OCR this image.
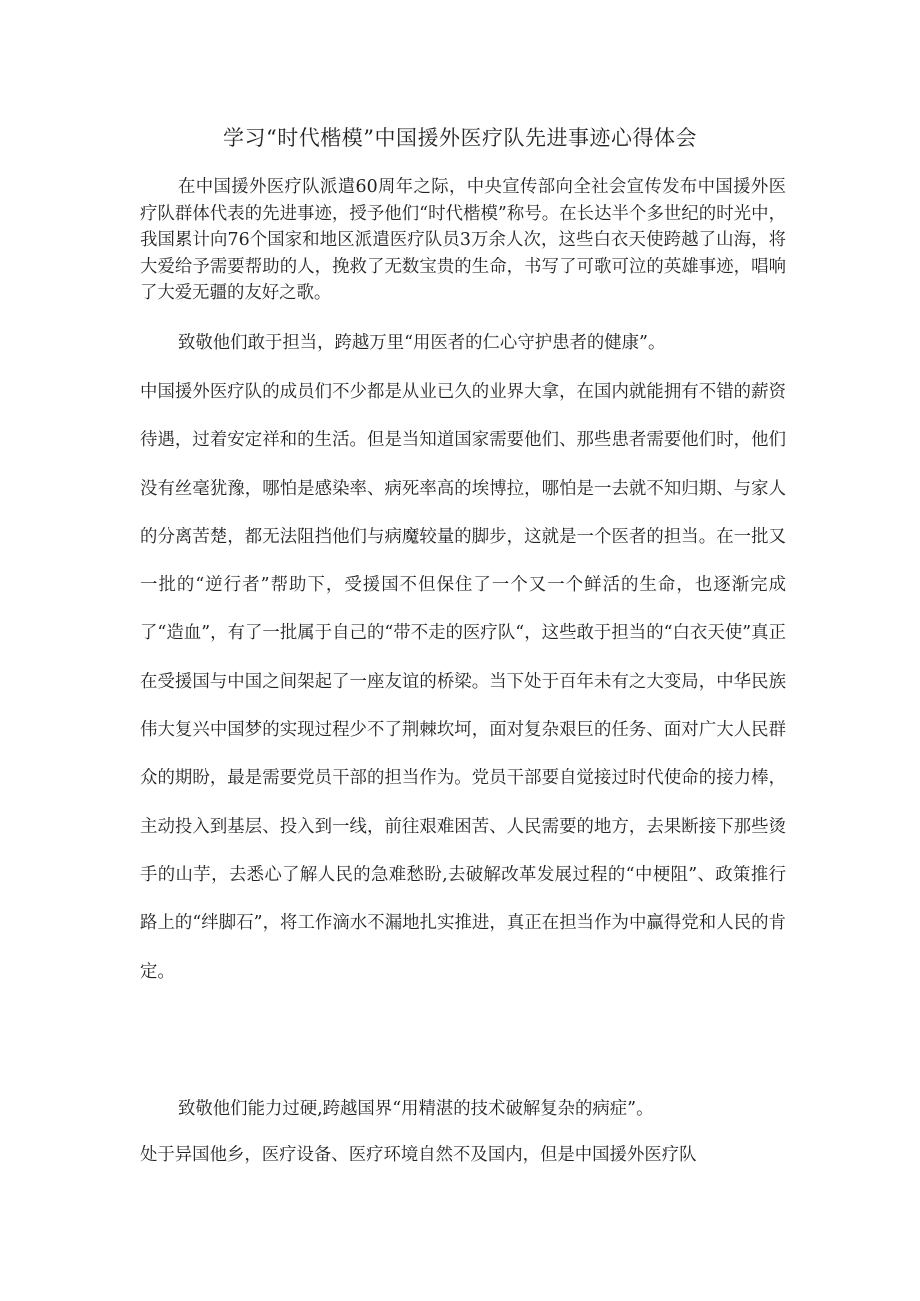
学习“时代楷模”中国援外医疗队先进事迹心得体会

在中国援外医疗队派遣60周年之际，中央宣传部向全社会宣传发布中国援外医疗队群体代表的先进事迹，授予他们“时代楷模”称号。在长达半个多世纪的时光中，我国累计向76个国家和地区派遣医疗队员3万余人次，这些白衣天使跨越了山海，将大爱给予需要帮助的人，挽救了无数宝贵的生命，书写了可歌可泣的英雄事迹，唱响了大爱无疆的友好之歌。

致敬他们敢于担当，跨越万里“用医者的仁心守护患者的健康”。

中国援外医疗队的成员们不少都是从业已久的业界大拿，在国内就能拥有不错的薪资待遇，过着安定祥和的生活。但是当知道国家需要他们、那些患者需要他们时，他们没有丝毫犹豫，哪怕是感染率、病死率高的埃博拉，哪怕是一去就不知归期、与家人的分离苦楚，都无法阻挡他们与病魔较量的脚步，这就是一个医者的担当。在一批又一批的“逆行者”帮助下，受援国不但保住了一个又一个鲜活的生命，也逐渐完成了“造血”，有了一批属于自己的“带不走的医疗队“，这些敢于担当的“白衣天使”真正在受援国与中国之间架起了一座友谊的桥梁。当下处于百年未有之大变局，中华民族伟大复兴中国梦的实现过程少不了荆棘坎坷，面对复杂艰巨的任务、面对广大人民群众的期盼，最是需要党员干部的担当作为。党员干部要自觉接过时代使命的接力棒，主动投入到基层、投入到一线，前往艰难困苦、人民需要的地方，去果断接下那些烫手的山芋，去悉心了解人民的急难愁盼,去破解改革发展过程的“中梗阻”、政策推行路上的“绊脚石”，将工作滴水不漏地扎实推进，真正在担当作为中赢得党和人民的肯定。

致敬他们能力过硬,跨越国界“用精湛的技术破解复杂的病症”。

处于异国他乡，医疗设备、医疗环境自然不及国内，但是中国援外医疗队
